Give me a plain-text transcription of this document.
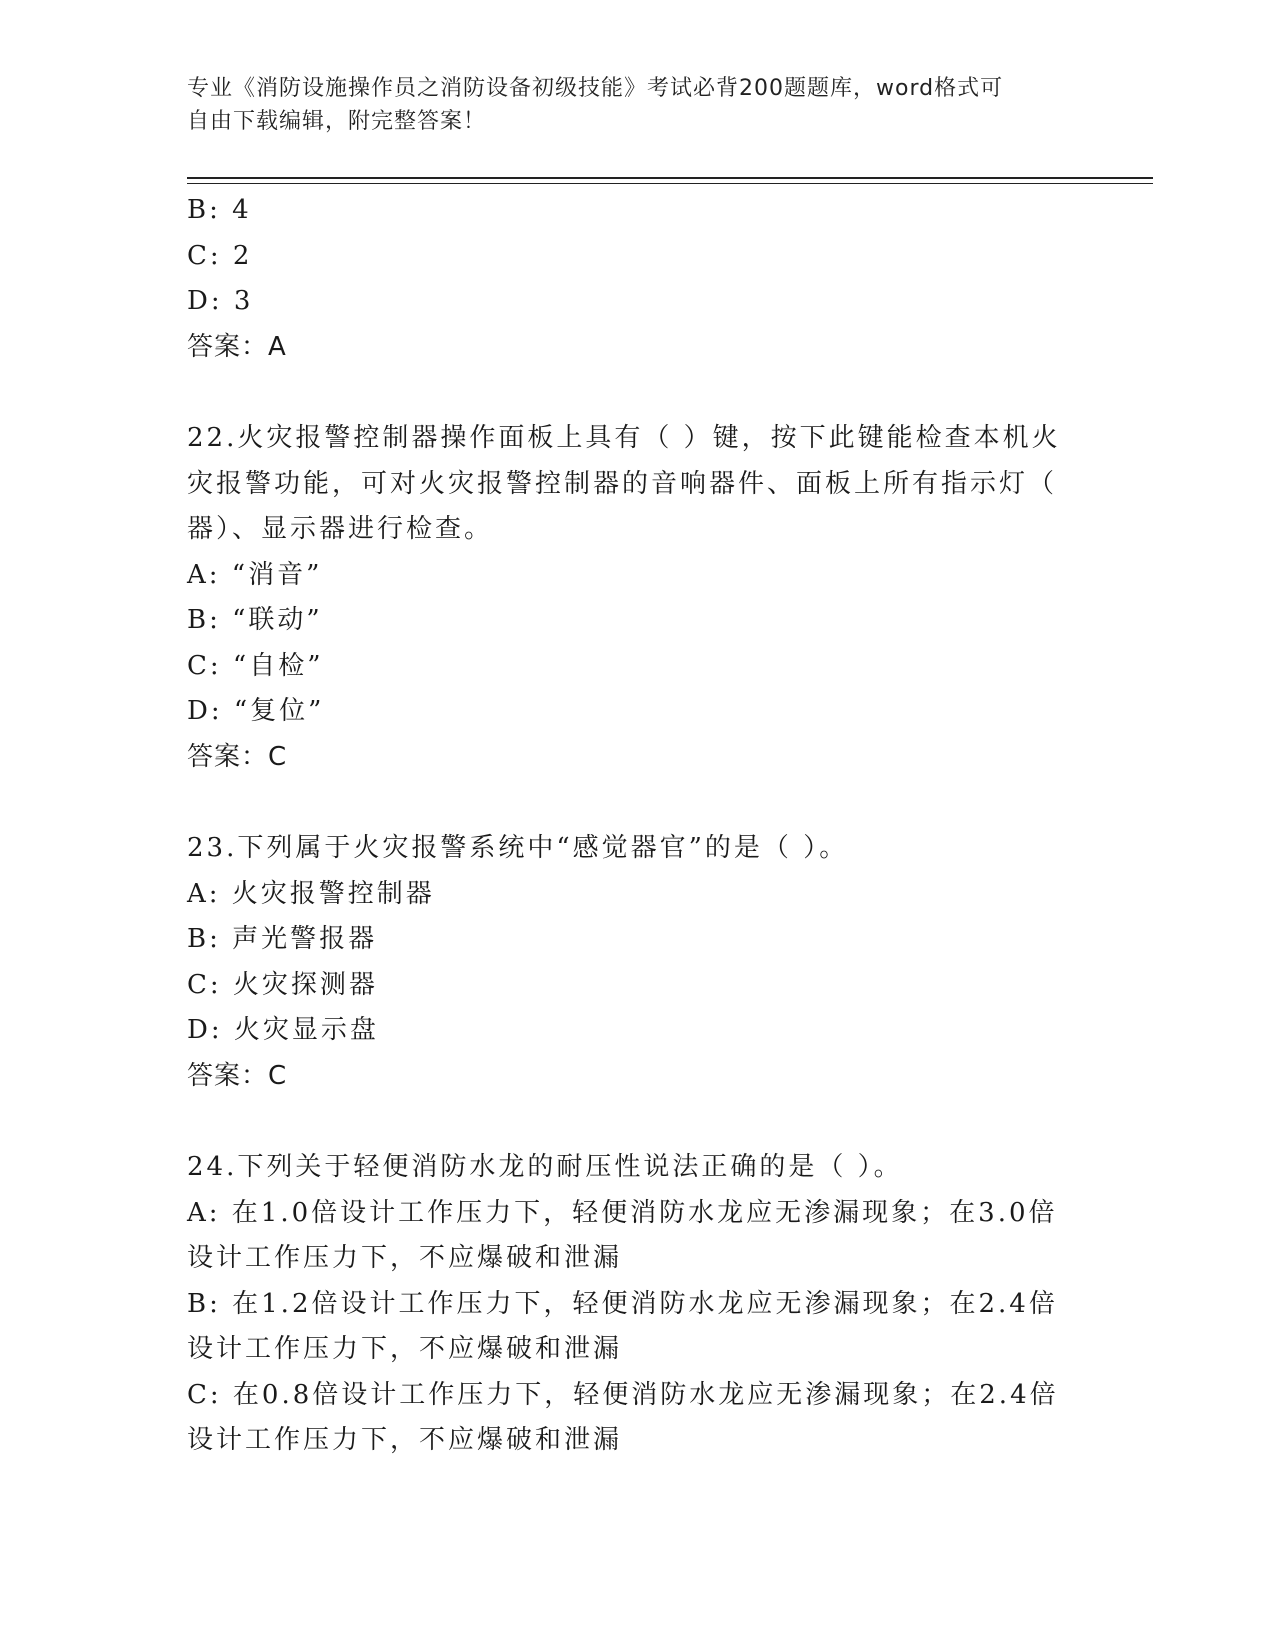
专业《消防设施操作员之消防设备初级技能》考试必背200题题库，word格式可
自由下载编辑，附完整答案！
B: 4
C: 2
D: 3
答案：A
22.火灾报警控制器操作面板上具有（ ）键，按下此键能检查本机火
灾报警功能，可对火灾报警控制器的音响器件、面板上所有指示灯（
器）、显示器进行检查。
A: “消音”
B: “联动”
C: “自检”
D: “复位”
答案：C
23.下列属于火灾报警系统中“感觉器官”的是（ ）。
A: 火灾报警控制器
B: 声光警报器
C: 火灾探测器
D: 火灾显示盘
答案：C
24.下列关于轻便消防水龙的耐压性说法正确的是（ ）。
A: 在1.0倍设计工作压力下，轻便消防水龙应无渗漏现象；在3.0倍
设计工作压力下，不应爆破和泄漏
B: 在1.2倍设计工作压力下，轻便消防水龙应无渗漏现象；在2.4倍
设计工作压力下，不应爆破和泄漏
C: 在0.8倍设计工作压力下，轻便消防水龙应无渗漏现象；在2.4倍
设计工作压力下，不应爆破和泄漏
